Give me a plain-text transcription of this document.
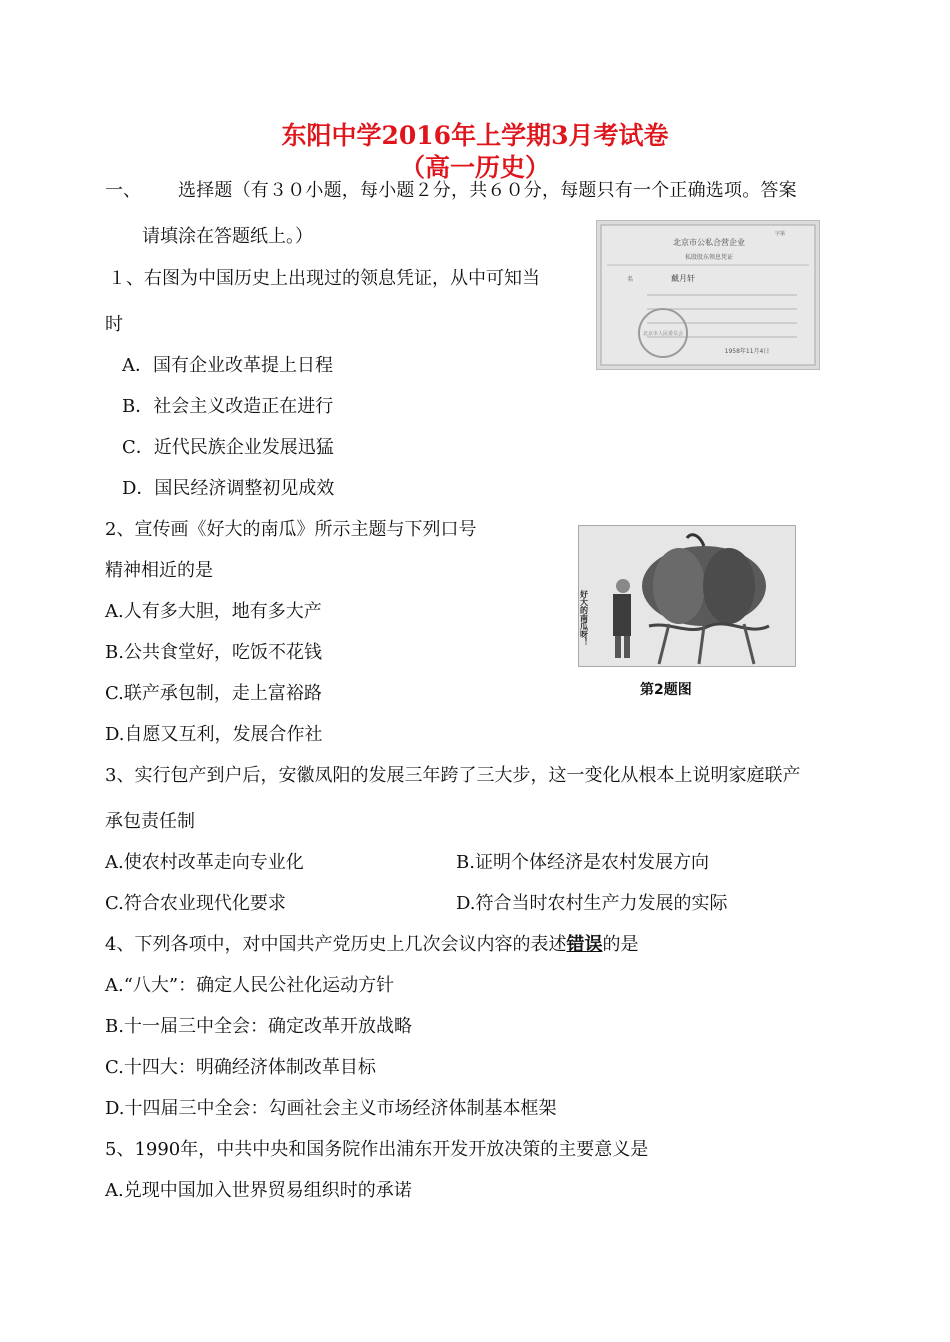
东阳中学2016年上学期3月考试卷
（高一历史）
一、 选择题（有３０小题，每小题２分，共６０分，每题只有一个正确选项。答案
请填涂在答题纸上。）	北京市公私合营企业
私股股东领息凭证
字第
名	戴月轩
北京市人民委员会
1958年11月4日
１、右图为中国历史上出现过的领息凭证，从中可知当
时
A．国有企业改革提上日程
B．社会主义改造正在进行
C．近代民族企业发展迅猛
D．国民经济调整初见成效
好大的南瓜呀！
第2题图
2、宣传画《好大的南瓜》所示主题与下列口号
精神相近的是
A.人有多大胆，地有多大产
B.公共食堂好，吃饭不花钱
C.联产承包制，走上富裕路
D.自愿又互利，发展合作社
3、实行包产到户后，安徽凤阳的发展三年跨了三大步，这一变化从根本上说明家庭联产
承包责任制
A.使农村改革走向专业化	B.证明个体经济是农村发展方向
C.符合农业现代化要求	D.符合当时农村生产力发展的实际
4、下列各项中，对中国共产党历史上几次会议内容的表述错误的是
A.“八大”：确定人民公社化运动方针
B.十一届三中全会：确定改革开放战略
C.十四大：明确经济体制改革目标
D.十四届三中全会：勾画社会主义市场经济体制基本框架
5、1990年，中共中央和国务院作出浦东开发开放决策的主要意义是
A.兑现中国加入世界贸易组织时的承诺
